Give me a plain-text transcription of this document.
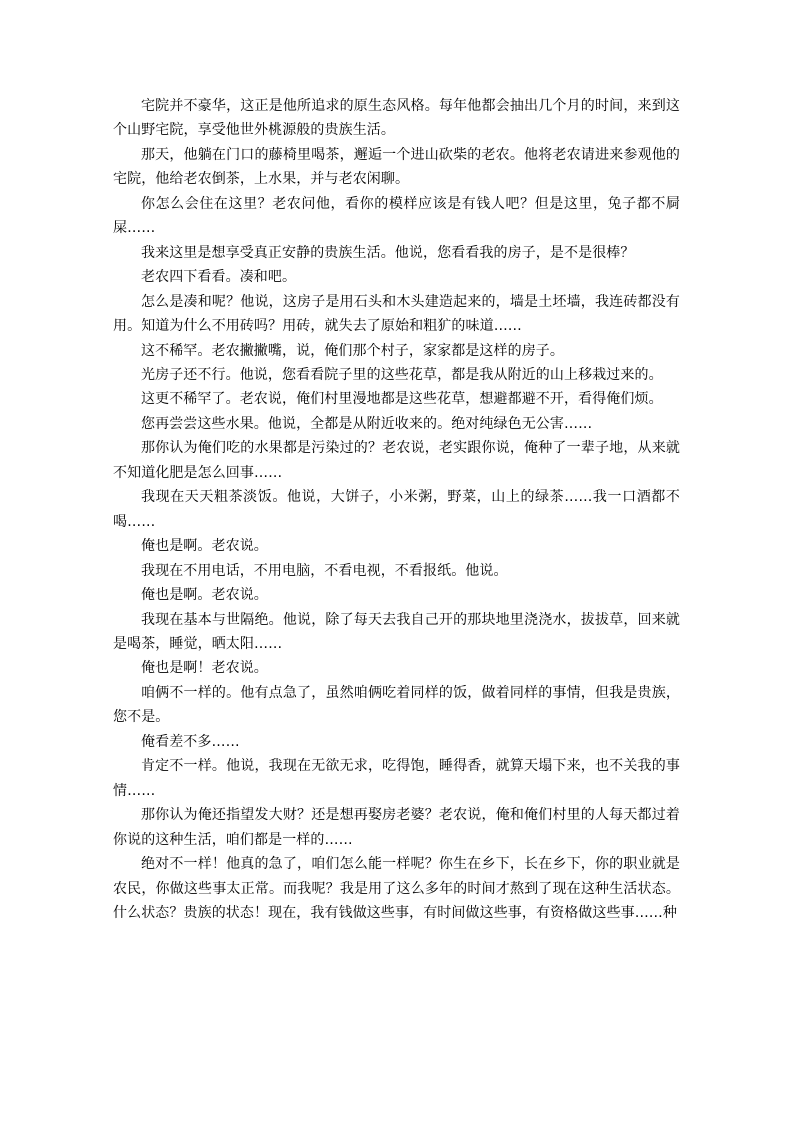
宅院并不豪华，这正是他所追求的原生态风格。每年他都会抽出几个月的时间，来到这个山野宅院，享受他世外桃源般的贵族生活。

那天，他躺在门口的藤椅里喝茶，邂逅一个进山砍柴的老农。他将老农请进来参观他的宅院，他给老农倒茶，上水果，并与老农闲聊。

你怎么会住在这里？老农问他，看你的模样应该是有钱人吧？但是这里，兔子都不屙屎……

我来这里是想享受真正安静的贵族生活。他说，您看看我的房子，是不是很棒？

老农四下看看。凑和吧。

怎么是凑和呢？他说，这房子是用石头和木头建造起来的，墙是土坯墙，我连砖都没有用。知道为什么不用砖吗？用砖，就失去了原始和粗犷的味道……

这不稀罕。老农撇撇嘴，说，俺们那个村子，家家都是这样的房子。

光房子还不行。他说，您看看院子里的这些花草，都是我从附近的山上移栽过来的。

这更不稀罕了。老农说，俺们村里漫地都是这些花草，想避都避不开，看得俺们烦。

您再尝尝这些水果。他说，全都是从附近收来的。绝对纯绿色无公害……

那你认为俺们吃的水果都是污染过的？老农说，老实跟你说，俺种了一辈子地，从来就不知道化肥是怎么回事……

我现在天天粗茶淡饭。他说，大饼子，小米粥，野菜，山上的绿茶……我一口酒都不喝……

俺也是啊。老农说。

我现在不用电话，不用电脑，不看电视，不看报纸。他说。

俺也是啊。老农说。

我现在基本与世隔绝。他说，除了每天去我自己开的那块地里浇浇水，拔拔草，回来就是喝茶，睡觉，晒太阳……

俺也是啊！老农说。

咱俩不一样的。他有点急了，虽然咱俩吃着同样的饭，做着同样的事情，但我是贵族，您不是。

俺看差不多……

肯定不一样。他说，我现在无欲无求，吃得饱，睡得香，就算天塌下来，也不关我的事情……

那你认为俺还指望发大财？还是想再娶房老婆？老农说，俺和俺们村里的人每天都过着你说的这种生活，咱们都是一样的……

绝对不一样！他真的急了，咱们怎么能一样呢？你生在乡下，长在乡下，你的职业就是农民，你做这些事太正常。而我呢？我是用了这么多年的时间才熬到了现在这种生活状态。什么状态？贵族的状态！现在，我有钱做这些事，有时间做这些事，有资格做这些事……种
